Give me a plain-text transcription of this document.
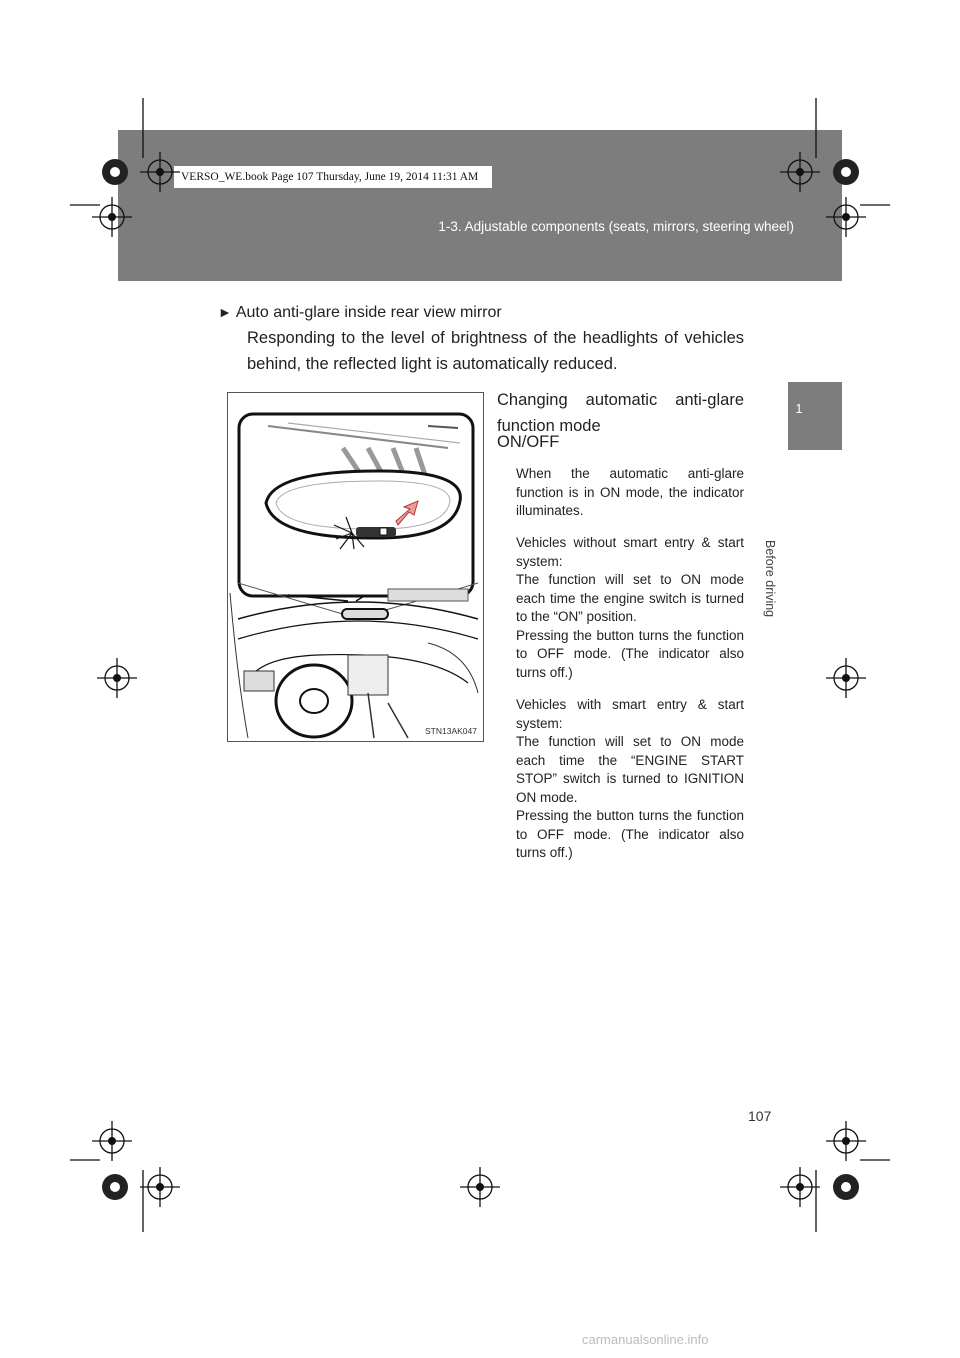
VERSO_WE.book Page 107 Thursday, June 19, 2014 11:31 AM
1-3. Adjustable components (seats, mirrors, steering wheel)
1
Before driving
► Auto anti-glare inside rear view mirror
Responding to the level of brightness of the headlights of vehicles behind, the reflected light is automatically reduced.
STN13AK047
Changing automatic anti-glare
function mode
ON/OFF

When the automatic anti-glare function is in ON mode, the indicator illuminates.

Vehicles without smart entry & start system:

The function will set to ON mode each time the engine switch is turned to the “ON” position.

Pressing the button turns the function to OFF mode. (The indicator also turns off.)

Vehicles with smart entry & start system:

The function will set to ON mode each time the “ENGINE START STOP” switch is turned to IGNITION ON mode.

Pressing the button turns the function to OFF mode. (The indicator also turns off.)

107
carmanualsonline.info
